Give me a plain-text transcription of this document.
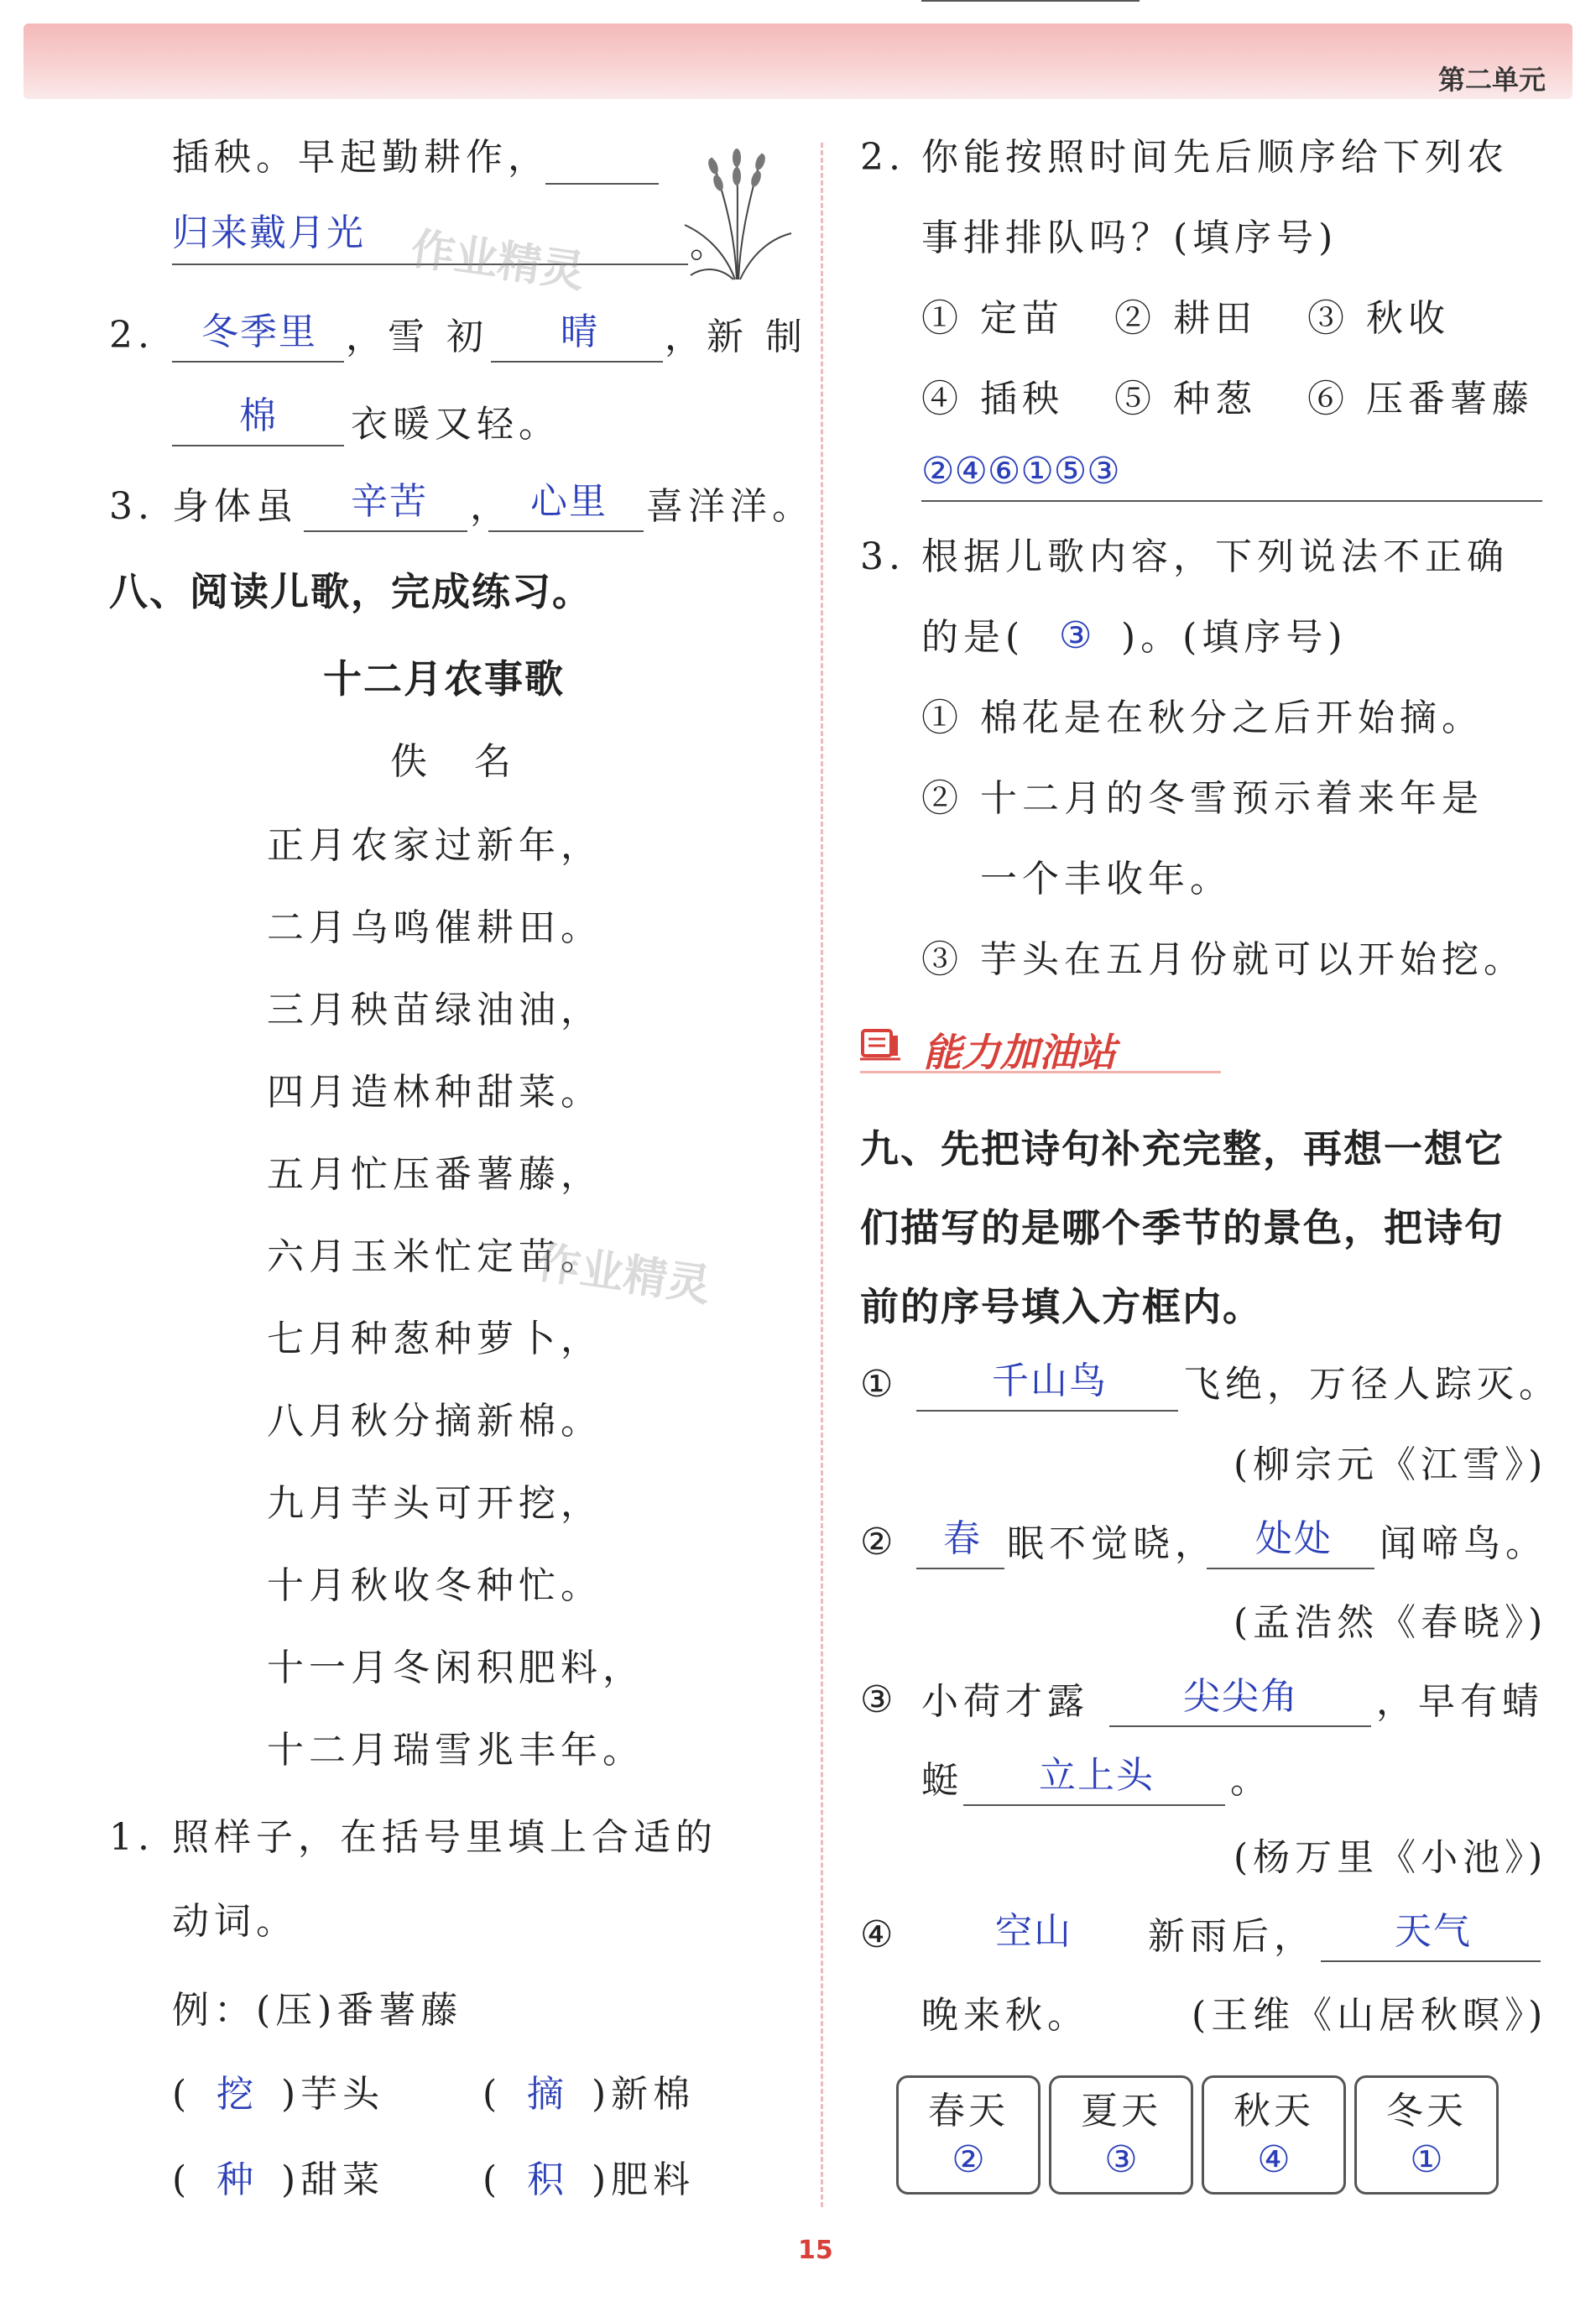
第二单元
插秧。早起勤耕作，
归来戴月光	。
作业精灵
2. 冬季里 ，雪 初 晴 ，新 制
棉 衣暖又轻。
3. 身体虽 辛苦 ， 心里 喜洋洋。
八、阅读儿歌，完成练习。
十二月农事歌
佚　名
正月农家过新年，
二月乌鸣催耕田。
三月秧苗绿油油，
四月造林种甜菜。
五月忙压番薯藤，
六月玉米忙定苗。
七月种葱种萝卜，
八月秋分摘新棉。
九月芋头可开挖，
十月秋收冬种忙。
十一月冬闲积肥料，
十二月瑞雪兆丰年。
作业精灵
1. 照样子，在括号里填上合适的
动词。
例：(压)番薯藤
( 挖 )芋头	( 摘 )新棉
( 种 )甜菜	( 积 )肥料
2. 你能按照时间先后顺序给下列农
事排排队吗？(填序号)
① 定苗 ② 耕田 ③ 秋收
④ 插秧 ⑤ 种葱 ⑥ 压番薯藤
②④⑥①⑤③
3. 根据儿歌内容，下列说法不正确
的是( ③ )。(填序号)
① 棉花是在秋分之后开始摘。
② 十二月的冬雪预示着来年是
一个丰收年。
③ 芋头在五月份就可以开始挖。
能力加油站
九、先把诗句补充完整，再想一想它
们描写的是哪个季节的景色，把诗句
前的序号填入方框内。
①	千山鸟 飞绝，万径人踪灭。
(柳宗元《江雪》)
② 春 眠不觉晓， 处处 闻啼鸟。
(孟浩然《春晓》)
③ 小荷才露	尖尖角 ，早有蜻
蜓 立上头 。
(杨万里《小池》)
④	空山 新雨后， 天气
晚来秋。	(王维《山居秋暝》)
春天
②
夏天
③
秋天
④
冬天
①
15
